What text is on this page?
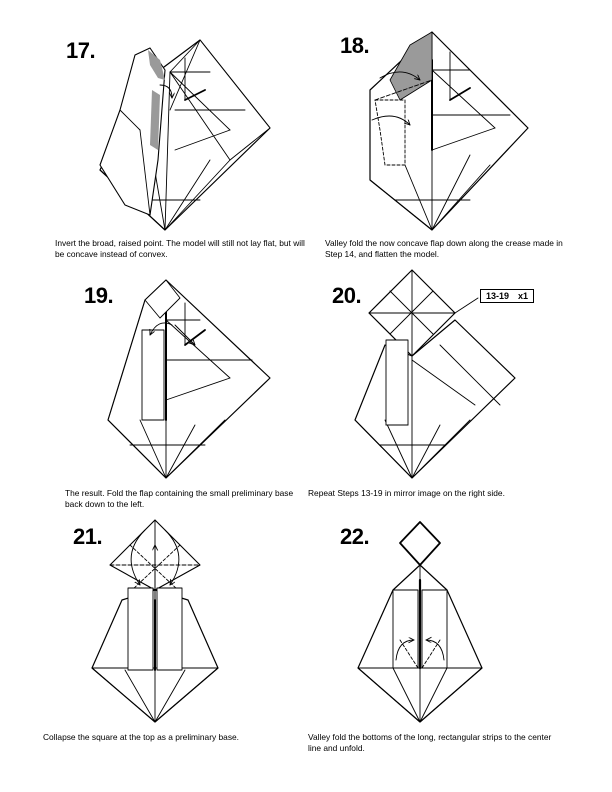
17.	18.
19.	20.
21.	22.
Invert the broad, raised point. The model will still not lay flat, but will be concave instead of convex.
Valley fold the now concave flap down along the crease made in Step 14, and flatten the model.
The result. Fold the flap containing the small preliminary base back down to the left.
Repeat Steps 13-19 in mirror image on the right side.
Collapse the square at the top as a preliminary base.	Valley fold the bottoms of the long, rectangular strips to the center line and unfold.
13-19 x1
